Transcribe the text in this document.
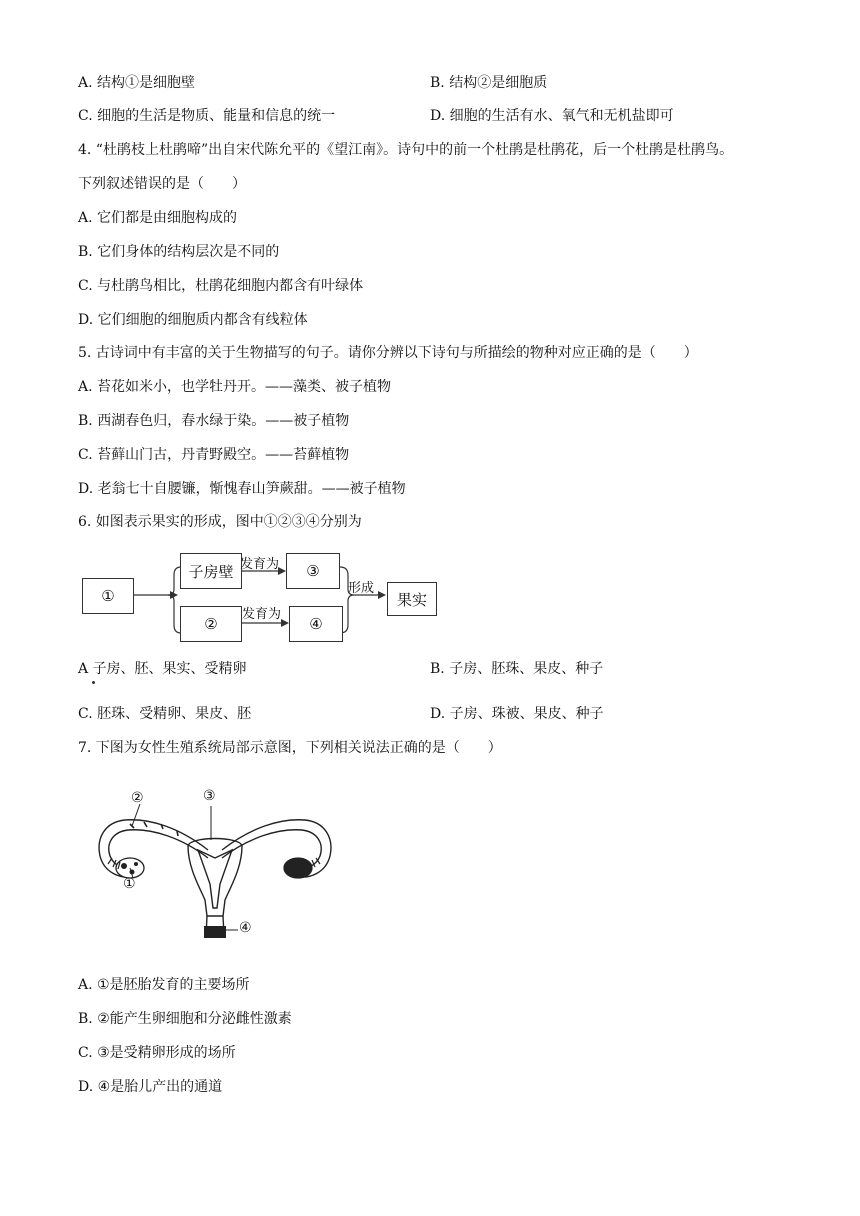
A. 结构①是细胞壁	B. 结构②是细胞质
C. 细胞的生活是物质、能量和信息的统一	D. 细胞的生活有水、氧气和无机盐即可
4. “杜鹃枝上杜鹃啼”出自宋代陈允平的《望江南》。诗句中的前一个杜鹃是杜鹃花，后一个杜鹃是杜鹃鸟。
下列叙述错误的是（　　）
A. 它们都是由细胞构成的
B. 它们身体的结构层次是不同的
C. 与杜鹃鸟相比，杜鹃花细胞内都含有叶绿体
D. 它们细胞的细胞质内都含有线粒体
5. 古诗词中有丰富的关于生物描写的句子。请你分辨以下诗句与所描绘的物种对应正确的是（　　）
A. 苔花如米小，也学牡丹开。——藻类、被子植物
B. 西湖春色归，春水绿于染。——被子植物
C. 苔藓山门古，丹青野殿空。——苔藓植物
D. 老翁七十自腰镰，惭愧春山笋蕨甜。——被子植物
6. 如图表示果实的形成，图中①②③④分别为
①
子房壁
②
③
④
发育为
发育为
形成
果实
A 子房、胚、果实、受精卵	B. 子房、胚珠、果皮、种子
C. 胚珠、受精卵、果皮、胚	D. 子房、珠被、果皮、种子
7. 下图为女性生殖系统局部示意图，下列相关说法正确的是（　　）
②	③
①
④
A. ①是胚胎发育的主要场所
B. ②能产生卵细胞和分泌雌性激素
C. ③是受精卵形成的场所
D. ④是胎儿产出的通道
